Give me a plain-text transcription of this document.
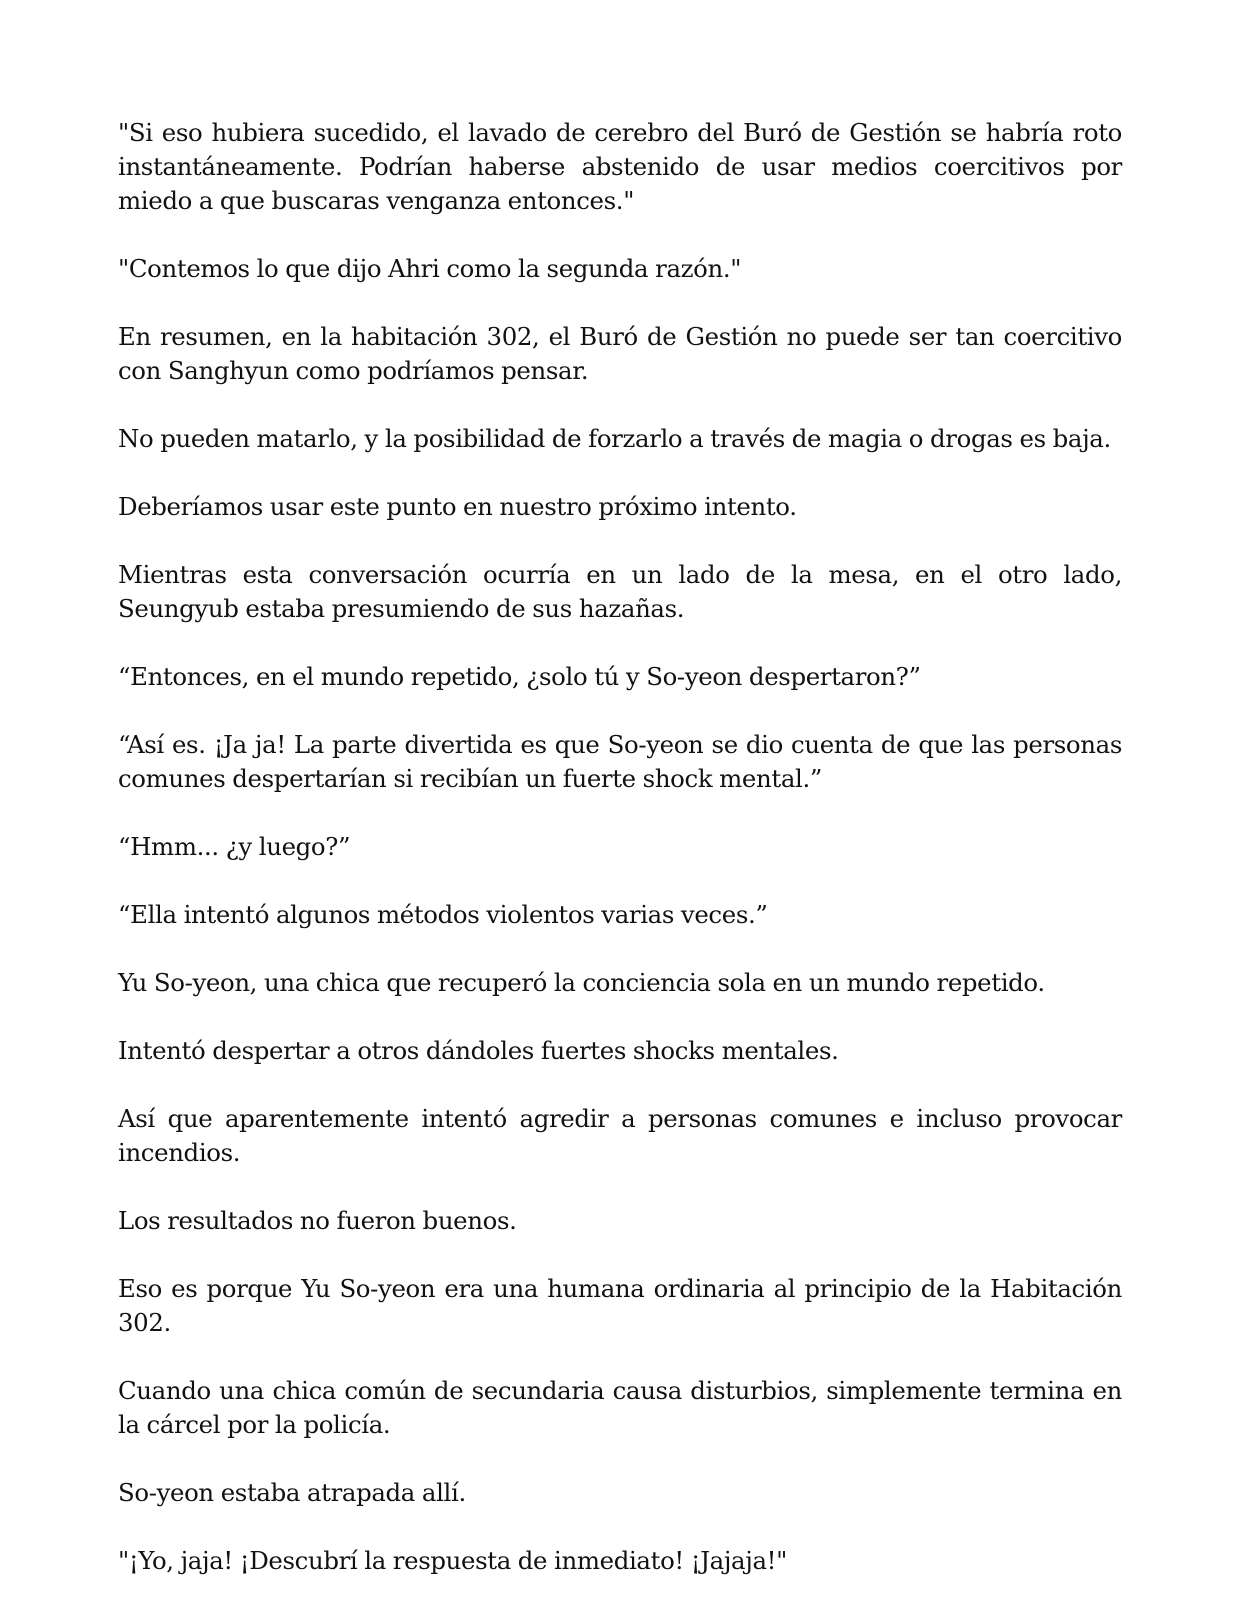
"Si eso hubiera sucedido, el lavado de cerebro del Buró de Gestión se habría roto instantáneamente. Podrían haberse abstenido de usar medios coercitivos por miedo a que buscaras venganza entonces."

"Contemos lo que dijo Ahri como la segunda razón."

En resumen, en la habitación 302, el Buró de Gestión no puede ser tan coercitivo con Sanghyun como podríamos pensar.

No pueden matarlo, y la posibilidad de forzarlo a través de magia o drogas es baja.

Deberíamos usar este punto en nuestro próximo intento.

Mientras esta conversación ocurría en un lado de la mesa, en el otro lado, Seungyub estaba presumiendo de sus hazañas.

“Entonces, en el mundo repetido, ¿solo tú y So-yeon despertaron?”

“Así es. ¡Ja ja! La parte divertida es que So-yeon se dio cuenta de que las personas comunes despertarían si recibían un fuerte shock mental.”

“Hmm... ¿y luego?”

“Ella intentó algunos métodos violentos varias veces.”

Yu So-yeon, una chica que recuperó la conciencia sola en un mundo repetido.

Intentó despertar a otros dándoles fuertes shocks mentales.

Así que aparentemente intentó agredir a personas comunes e incluso provocar incendios.

Los resultados no fueron buenos.

Eso es porque Yu So-yeon era una humana ordinaria al principio de la Habitación 302.

Cuando una chica común de secundaria causa disturbios, simplemente termina en la cárcel por la policía.

So-yeon estaba atrapada allí.

"¡Yo, jaja! ¡Descubrí la respuesta de inmediato! ¡Jajaja!"
